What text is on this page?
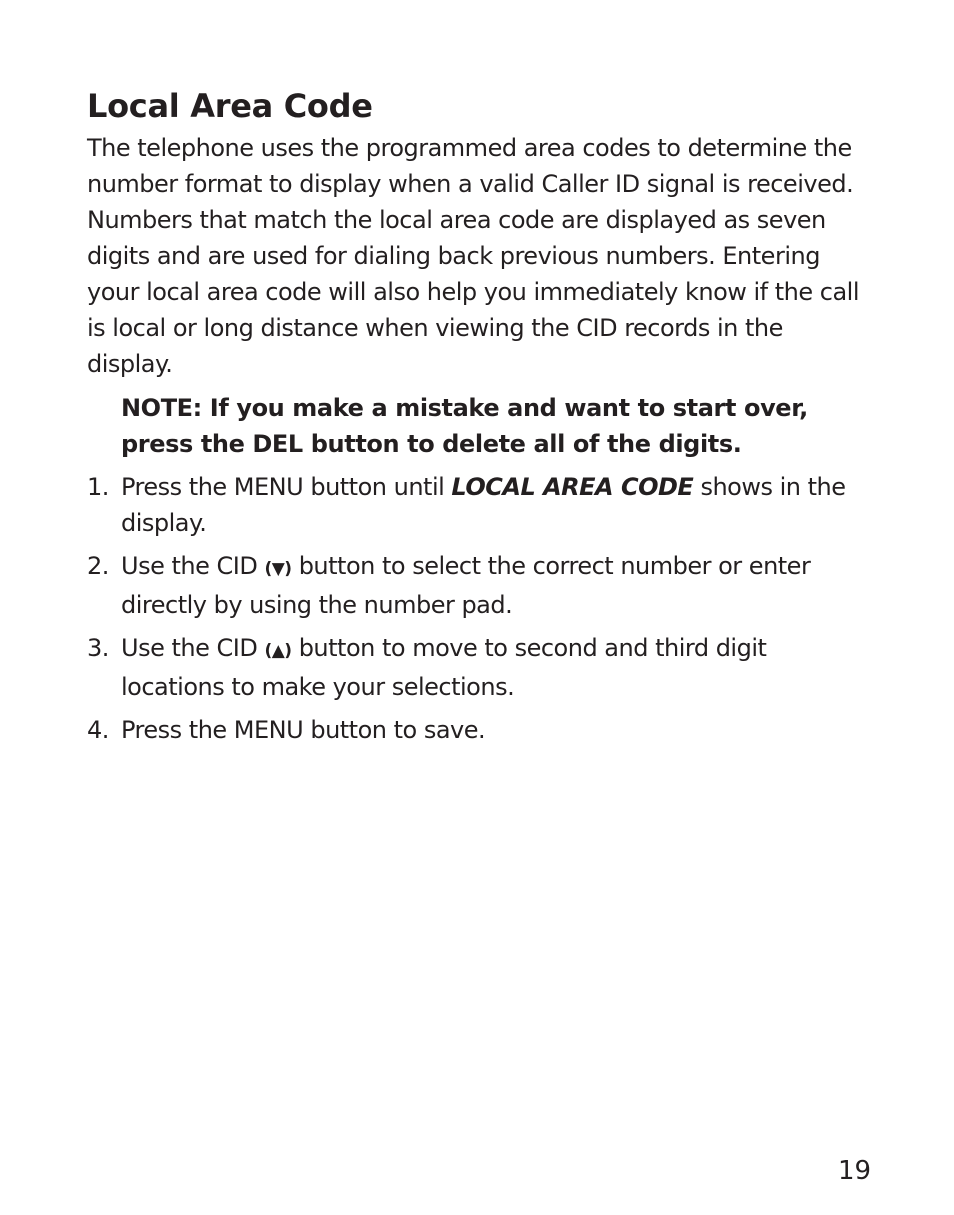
Local Area Code

The telephone uses the programmed area codes to determine the number format to display when a valid Caller ID signal is received. Numbers that match the local area code are displayed as seven digits and are used for dialing back previous numbers. Entering your local area code will also help you immediately know if the call is local or long distance when viewing the CID records in the display.

NOTE: If you make a mistake and want to start over, press the DEL button to delete all of the digits.

1. Press the MENU button until LOCAL AREA CODE shows in the display.
2. Use the CID (▼) button to select the correct number or enter directly by using the number pad.
3. Use the CID (▲) button to move to second and third digit locations to make your selections.
4. Press the MENU button to save.
19
